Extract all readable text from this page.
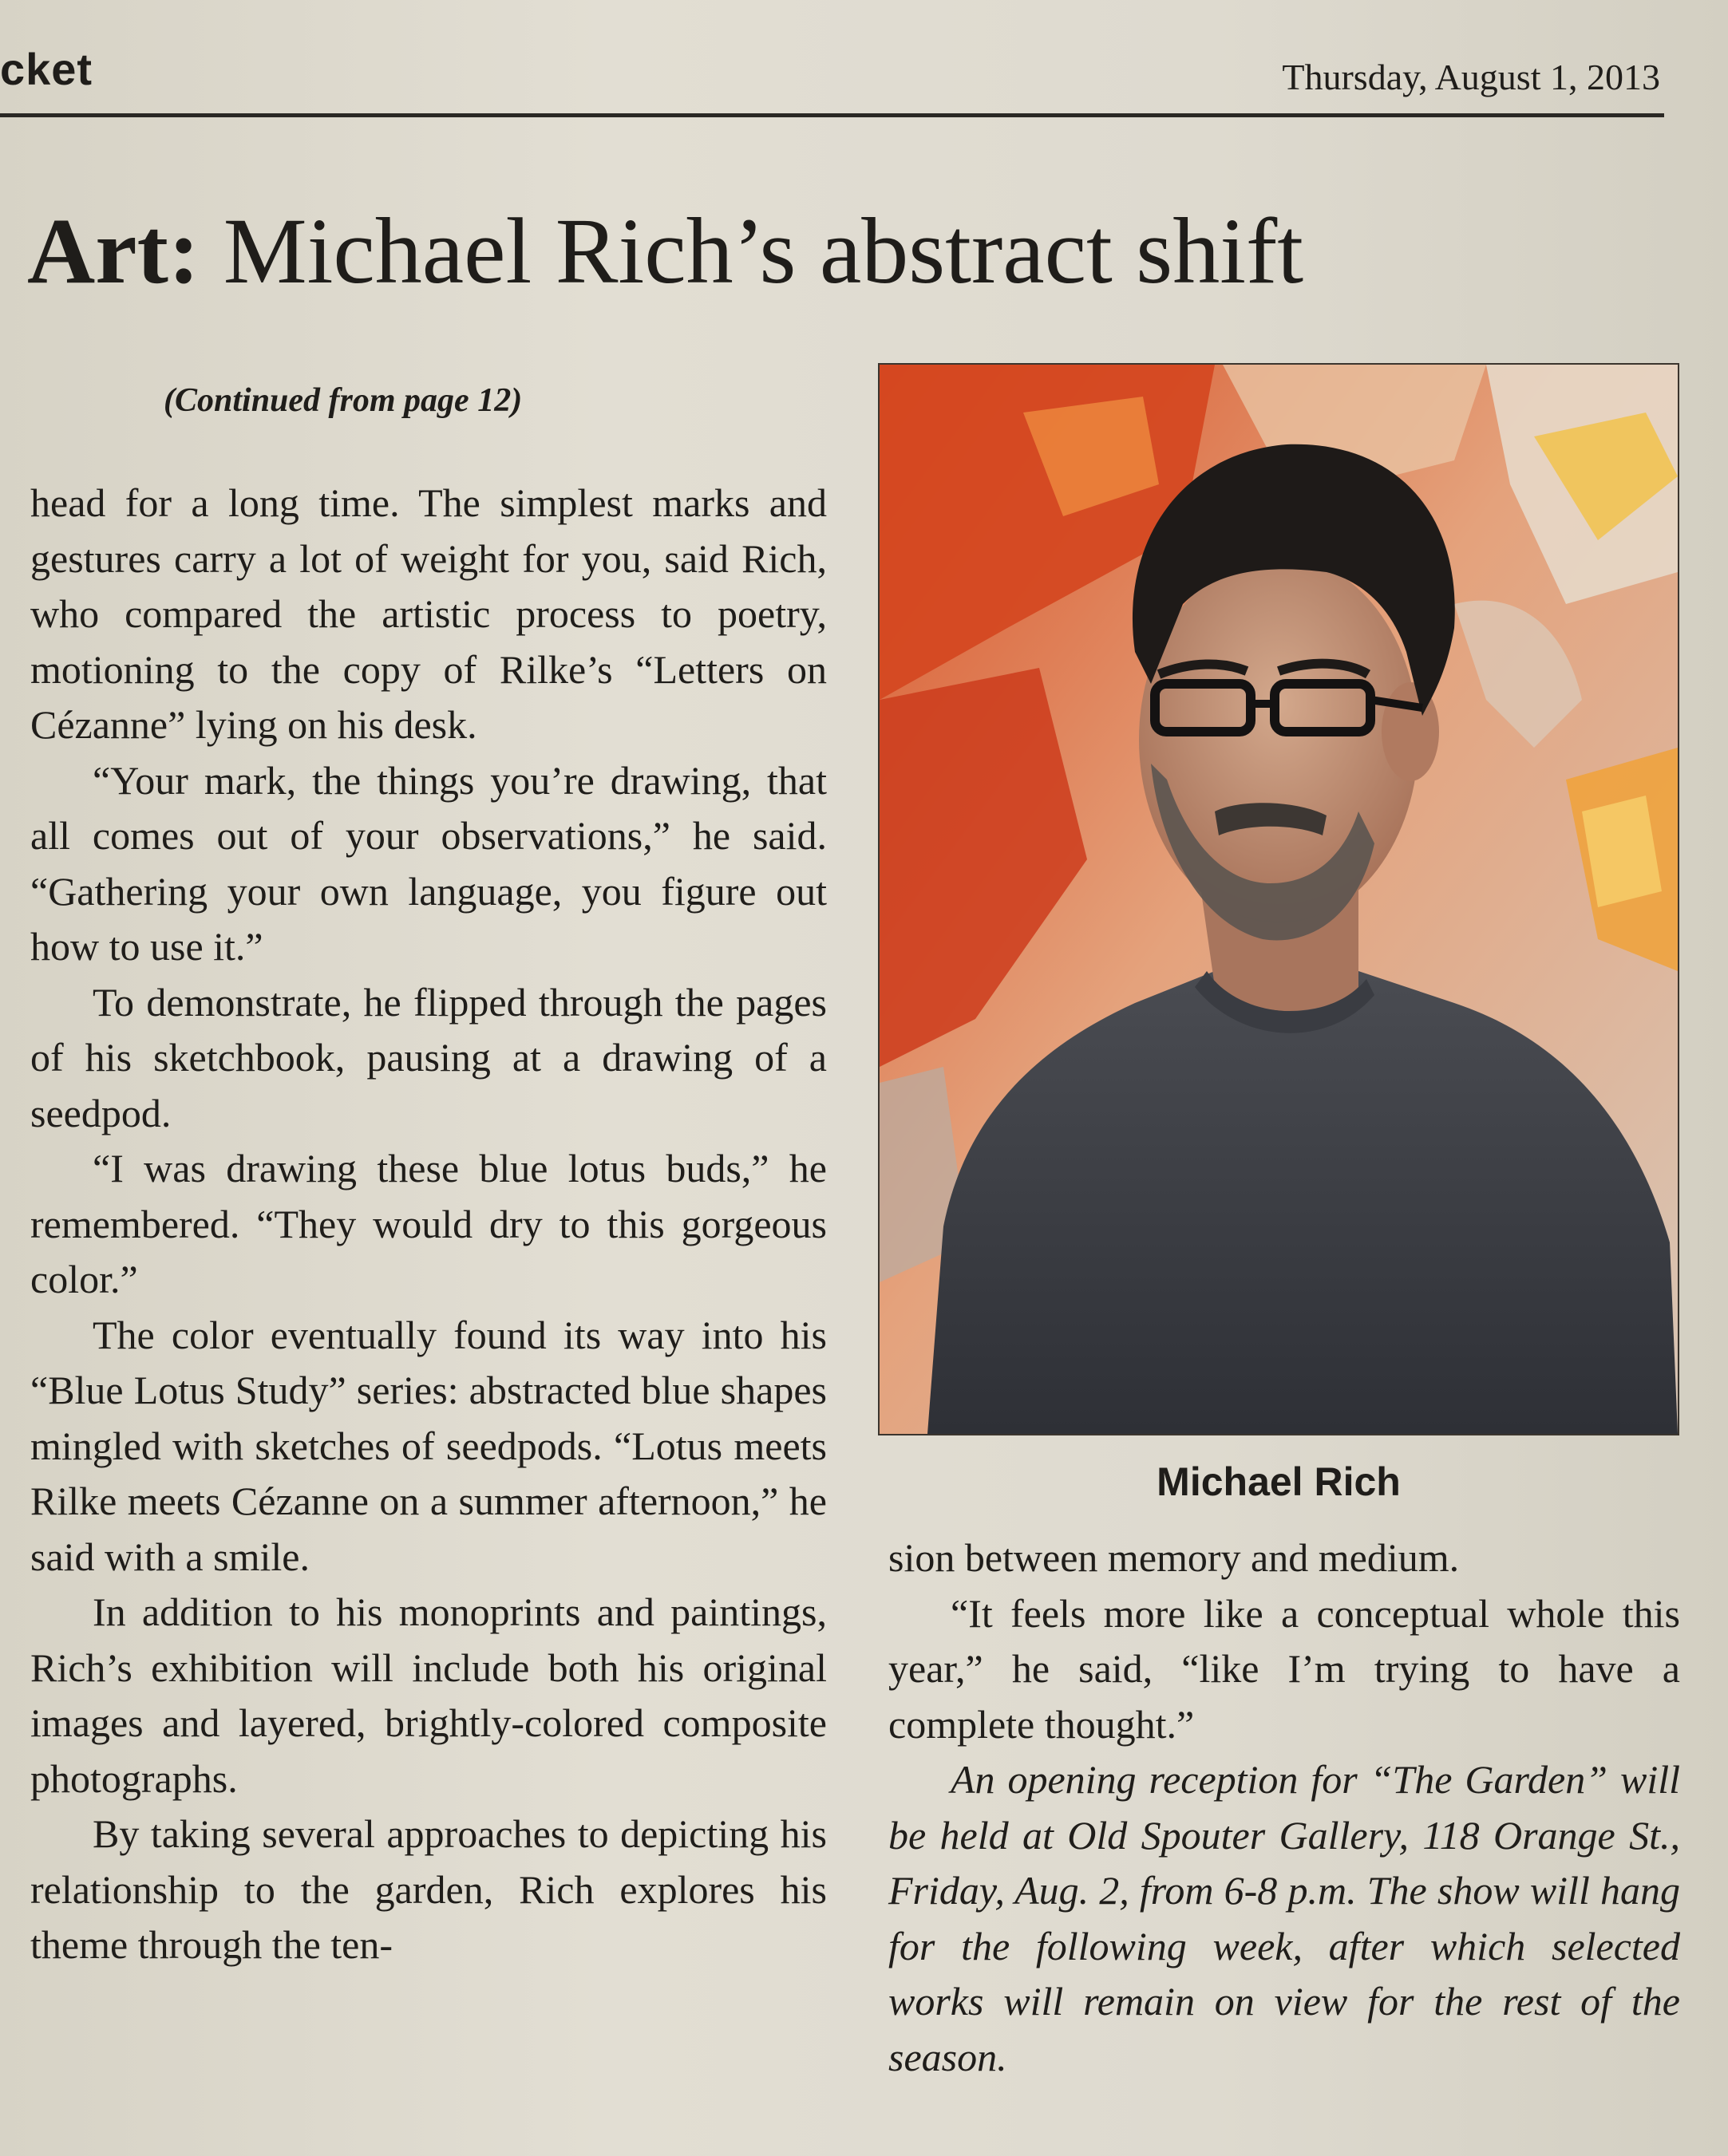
cket	Thursday, August 1, 2013
Art: Michael Rich’s abstract shift
(Continued from page 12)

head for a long time. The simplest marks and gestures carry a lot of weight for you, said Rich, who compared the artistic process to poetry, motioning to the copy of Rilke’s “Letters on Cézanne” lying on his desk.

“Your mark, the things you’re drawing, that all comes out of your observations,” he said. “Gathering your own language, you figure out how to use it.”

To demonstrate, he flipped through the pages of his sketchbook, pausing at a drawing of a seedpod.

“I was drawing these blue lotus buds,” he remembered. “They would dry to this gorgeous color.”

The color eventually found its way into his “Blue Lotus Study” series: abstracted blue shapes mingled with sketches of seedpods. “Lotus meets Rilke meets Cézanne on a summer afternoon,” he said with a smile.

In addition to his monoprints and paintings, Rich’s exhibition will include both his original images and layered, brightly-colored composite photographs.

By taking several approaches to depicting his relationship to the garden, Rich explores his theme through the ten-

Michael Rich

sion between memory and medium.

“It feels more like a conceptual whole this year,” he said, “like I’m trying to have a complete thought.”

An opening reception for “The Garden” will be held at Old Spouter Gallery, 118 Orange St., Friday, Aug. 2, from 6-8 p.m. The show will hang for the following week, after which selected works will remain on view for the rest of the season.
